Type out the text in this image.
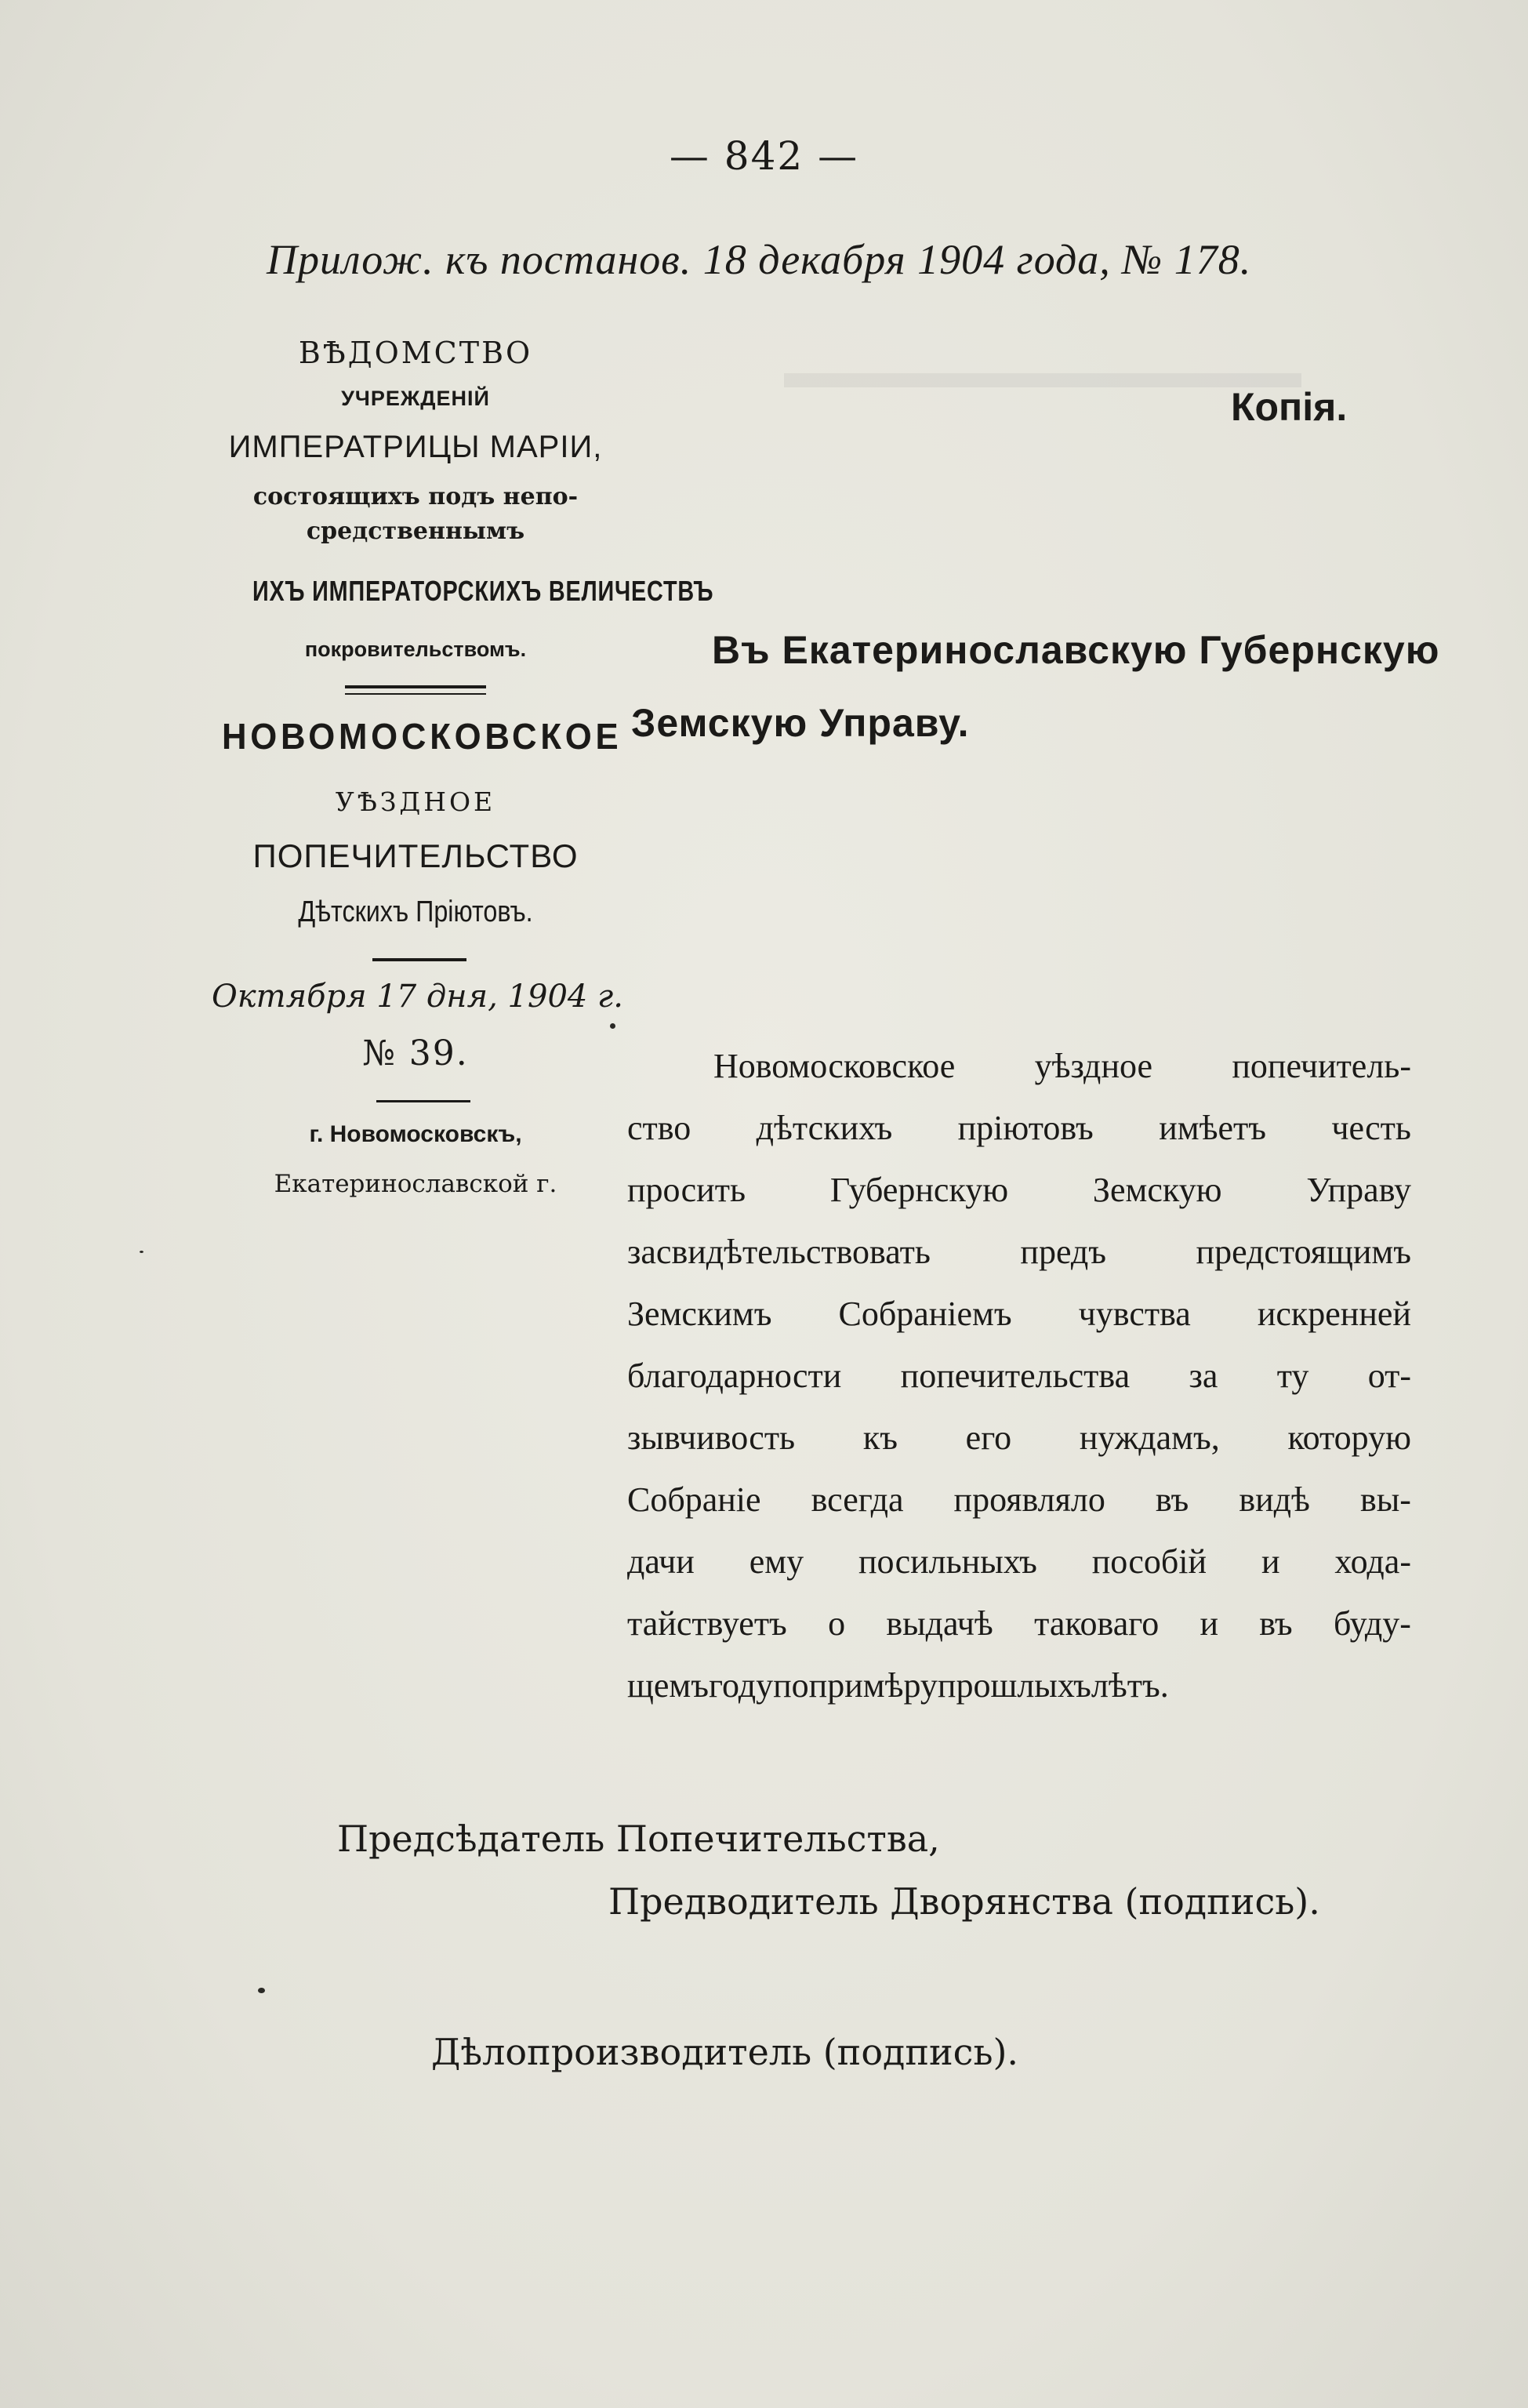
▬▬▬▬▬▬▬▬▬▬▬
— 842 —
Прилож. къ постанов. 18 декабря 1904 года, № 178.
ВѢДОМСТВО
УЧРЕЖДЕНІЙ
ИМПЕРАТРИЦЫ МАРІИ,
состоящихъ подъ непо-
средственнымъ
ИХЪ ИМПЕРАТОРСКИХЪ ВЕЛИЧЕСТВЪ
покровительствомъ.
НОВОМОСКОВСКОЕ
УѢЗДНОЕ
ПОПЕЧИТЕЛЬСТВО
Дѣтскихъ Пріютовъ.
Октября 17 дня, 1904 г.
№ 39.
г. Новомосковскъ,
Екатеринославской г.
Копія.
Въ Екатеринославскую Губернскую
Земскую Управу.
Новомосковское уѣздное попечитель-
ство дѣтскихъ пріютовъ имѣетъ честь
просить Губернскую Земскую Управу
засвидѣтельствовать	предъ	предстоящимъ
Земскимъ Собраніемъ чувства искренней
благодарности попечительства за ту от-
зывчивость къ его нуждамъ, которую
Собраніе всегда проявляло въ видѣ вы-
дачи ему посильныхъ пособій и хода-
тайствуетъ о выдачѣ таковаго и въ буду-
щемъ году по примѣру прошлыхъ лѣтъ.
Предсѣдатель Попечительства,
Предводитель Дворянства (подпись).
Дѣлопроизводитель (подпись).
